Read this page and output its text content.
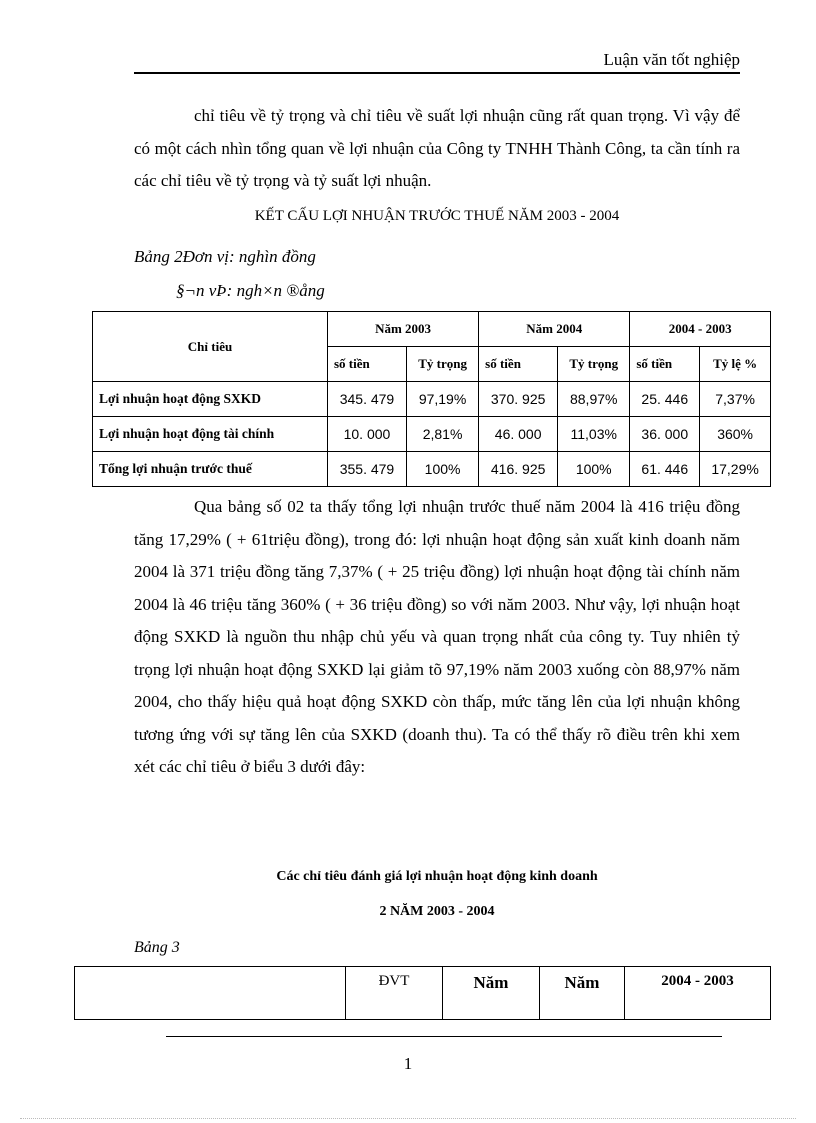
Luận văn tốt nghiệp

chỉ tiêu về tỷ trọng và chỉ tiêu về suất lợi nhuận cũng rất quan trọng. Vì vậy để có một cách nhìn tổng quan về lợi nhuận của Công ty TNHH Thành Công, ta cần tính ra các chỉ tiêu về tỷ trọng và tỷ suất lợi nhuận.

KẾT CẤU LỢI NHUẬN TRƯỚC THUẾ NĂM 2003 - 2004
Bảng 2Đơn vị: nghìn đồng
§¬n vÞ: ngh×n ®ång
Chỉ tiêu	Năm 2003		Năm 2004		2004 - 2003	
	số tiền	Tỷ trọng	số tiền	Tỷ trọng	số tiền	Tỷ lệ %
Lợi nhuận hoạt động SXKD	345. 479	97,19%	370. 925	88,97%	25. 446	7,37%
Lợi nhuận hoạt động tài chính	10. 000	2,81%	46. 000	11,03%	36. 000	360%
Tổng lợi nhuận trước thuế	355. 479	100%	416. 925	100%	61. 446	17,29%

Qua bảng số 02 ta thấy tổng lợi nhuận trước thuế năm 2004 là 416 triệu đồng tăng 17,29% ( + 61triệu đồng), trong đó: lợi nhuận hoạt động sản xuất kinh doanh năm 2004 là 371 triệu đồng tăng 7,37% ( + 25 triệu đồng) lợi nhuận hoạt động tài chính năm 2004 là 46 triệu tăng 360% ( + 36 triệu đồng) so với năm 2003. Như vậy, lợi nhuận hoạt động SXKD là nguồn thu nhập chủ yếu và quan trọng nhất của công ty. Tuy nhiên tỷ trọng lợi nhuận hoạt động SXKD lại giảm tõ 97,19% năm 2003 xuống còn 88,97% năm 2004, cho thấy hiệu quả hoạt động SXKD còn thấp, mức tăng lên của lợi nhuận không tương ứng với sự tăng lên của SXKD (doanh thu). Ta có thể thấy rõ điều trên khi xem xét các chỉ tiêu ở biểu 3 dưới đây:

Các chỉ tiêu đánh giá lợi nhuận hoạt động kinh doanh
2 NĂM 2003 - 2004
Bảng 3
	ĐVT	Năm	Năm	2004 - 2003
1
